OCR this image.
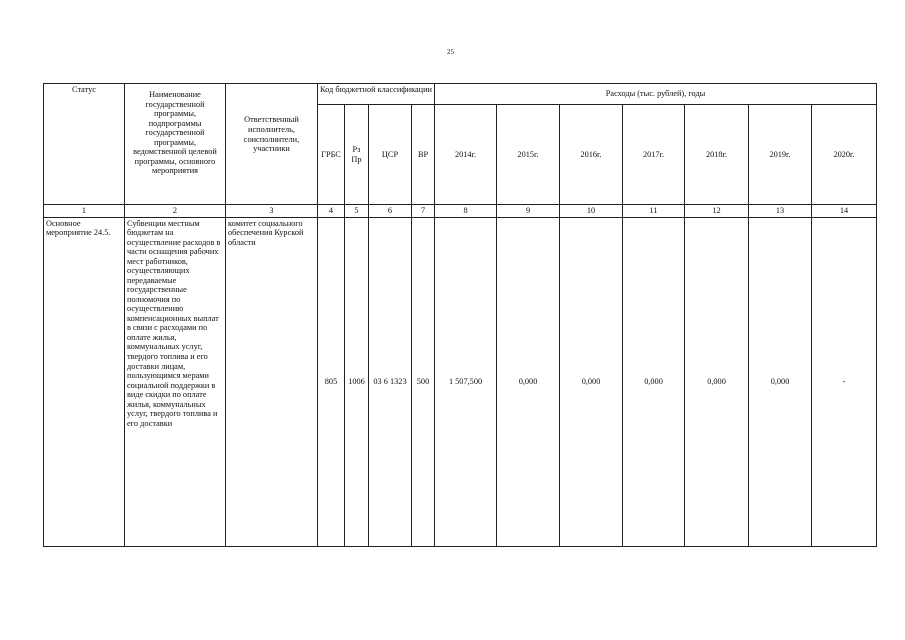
25
Статус	Наименование государственной программы, подпрограммы государственной программы, ведомственной целевой программы, основного мероприятия	Ответственный исполнитель, соисполнители, участники	Код бюджетной классификации				Расходы (тыс. рублей), годы						
			ГРБС	Рз Пр	ЦСР	ВР	2014г.	2015г.	2016г.	2017г.	2018г.	2019г.	2020г.
1	2	3	4	5	6	7	8	9	10	11	12	13	14
Основное мероприятие 24.5.	Субвенции местным бюджетам на осуществление расходов в части оснащения рабочих мест работников, осуществляющих передаваемые государственные полномочия по осуществлению компенсационных выплат в связи с расходами по оплате жилья, коммунальных услуг, твердого топлива и его доставки лицам, пользующимся мерами социальной поддержки в виде скидки по оплате жилья, коммунальных услуг, твердого топлива и его доставки	комитет социального обеспечения Курской области	805	1006	03 6 1323	500	1 507,500	0,000	0,000	0,000	0,000	0,000	-
